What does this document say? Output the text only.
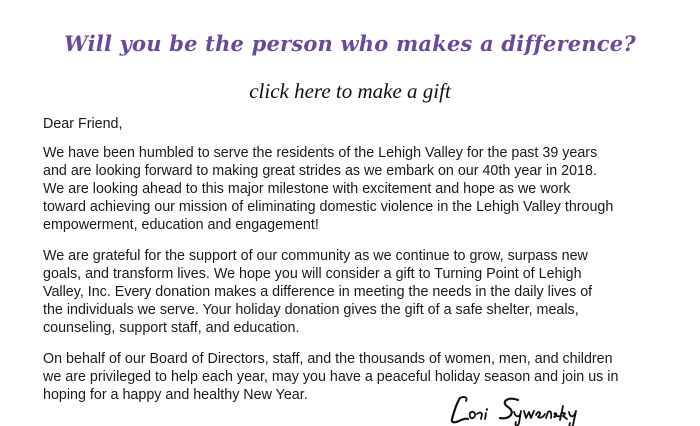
Will you be the person who makes a difference?
click here to make a gift

Dear Friend,

We have been humbled to serve the residents of the Lehigh Valley for the past 39 years
and are looking forward to making great strides as we embark on our 40th year in 2018.
We are looking ahead to this major milestone with excitement and hope as we work
toward achieving our mission of eliminating domestic violence in the Lehigh Valley through
empowerment, education and engagement!

We are grateful for the support of our community as we continue to grow, surpass new
goals, and transform lives. We hope you will consider a gift to Turning Point of Lehigh
Valley, Inc. Every donation makes a difference in meeting the needs in the daily lives of
the individuals we serve. Your holiday donation gives the gift of a safe shelter, meals,
counseling, support staff, and education.

On behalf of our Board of Directors, staff, and the thousands of women, men, and children
we are privileged to help each year, may you have a peaceful holiday season and join us in
hoping for a happy and healthy New Year.
